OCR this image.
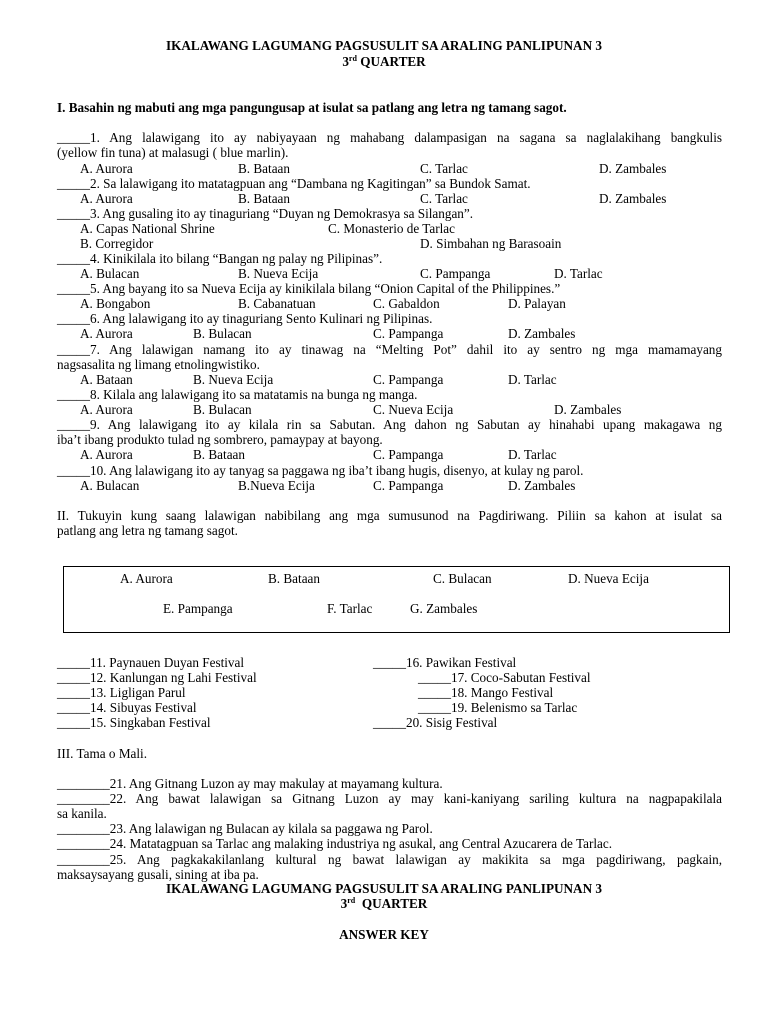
IKALAWANG LAGUMANG PAGSUSULIT SA ARALING PANLIPUNAN 3
3rd QUARTER
I. Basahin ng mabuti ang mga pangungusap at isulat sa patlang ang letra ng tamang sagot.
_____1. Ang lalawigang ito ay nabiyayaan ng mahabang dalampasigan na sagana sa naglalakihang bangkulis
(yellow fin tuna) at malasugi ( blue marlin).
A. Aurora	B. Bataan	C. Tarlac	D. Zambales
_____2. Sa lalawigang ito matatagpuan ang “Dambana ng Kagitingan” sa Bundok Samat.
A. Aurora	B. Bataan	C. Tarlac	D. Zambales
_____3. Ang gusaling ito ay tinaguriang “Duyan ng Demokrasya sa Silangan”.
A. Capas National Shrine	C. Monasterio de Tarlac
B. Corregidor	D. Simbahan ng Barasoain
_____4. Kinikilala ito bilang “Bangan ng palay ng Pilipinas”.
A. Bulacan	B. Nueva Ecija	C. Pampanga	D. Tarlac
_____5. Ang bayang ito sa Nueva Ecija ay kinikilala bilang “Onion Capital of the Philippines.”
A. Bongabon	B. Cabanatuan	C. Gabaldon	D. Palayan
_____6. Ang lalawigang ito ay tinaguriang Sento Kulinari ng Pilipinas.
A. Aurora	B. Bulacan	C. Pampanga	D. Zambales
_____7. Ang lalawigan namang ito ay tinawag na “Melting Pot” dahil ito ay sentro ng mga mamamayang
nagsasalita ng limang etnolingwistiko.
A. Bataan	B. Nueva Ecija	C. Pampanga	D. Tarlac
_____8. Kilala ang lalawigang ito sa matatamis na bunga ng manga.
A. Aurora	B. Bulacan	C. Nueva Ecija	D. Zambales
_____9. Ang lalawigang ito ay kilala rin sa Sabutan. Ang dahon ng Sabutan ay hinahabi upang makagawa ng
iba’t ibang produkto tulad ng sombrero, pamaypay at bayong.
A. Aurora	B. Bataan	C. Pampanga	D. Tarlac
_____10. Ang lalawigang ito ay tanyag sa paggawa ng iba’t ibang hugis, disenyo, at kulay ng parol.
A. Bulacan	B.Nueva Ecija	C. Pampanga	D. Zambales
II. Tukuyin kung saang lalawigan nabibilang ang mga sumusunod na Pagdiriwang. Piliin sa kahon at isulat sa
patlang ang letra ng tamang sagot.
A. Aurora	B. Bataan	C. Bulacan	D. Nueva Ecija
E. Pampanga	F. Tarlac	G. Zambales
_____11. Paynauen Duyan Festival
_____12. Kanlungan ng Lahi Festival
_____13. Ligligan Parul
_____14. Sibuyas Festival
_____15. Singkaban Festival
_____16. Pawikan Festival
_____17. Coco-Sabutan Festival
_____18. Mango Festival
_____19. Belenismo sa Tarlac
_____20. Sisig Festival
III. Tama o Mali.
________21. Ang Gitnang Luzon ay may makulay at mayamang kultura.
________22. Ang bawat lalawigan sa Gitnang Luzon ay may kani-kaniyang sariling kultura na nagpapakilala
sa kanila.
________23. Ang lalawigan ng Bulacan ay kilala sa paggawa ng Parol.
________24. Matatagpuan sa Tarlac ang malaking industriya ng asukal, ang Central Azucarera de Tarlac.
________25. Ang pagkakakilanlang kultural ng bawat lalawigan ay makikita sa mga pagdiriwang, pagkain,
maksaysayang gusali, sining at iba pa.
IKALAWANG LAGUMANG PAGSUSULIT SA ARALING PANLIPUNAN 3
3rd QUARTER
ANSWER KEY
